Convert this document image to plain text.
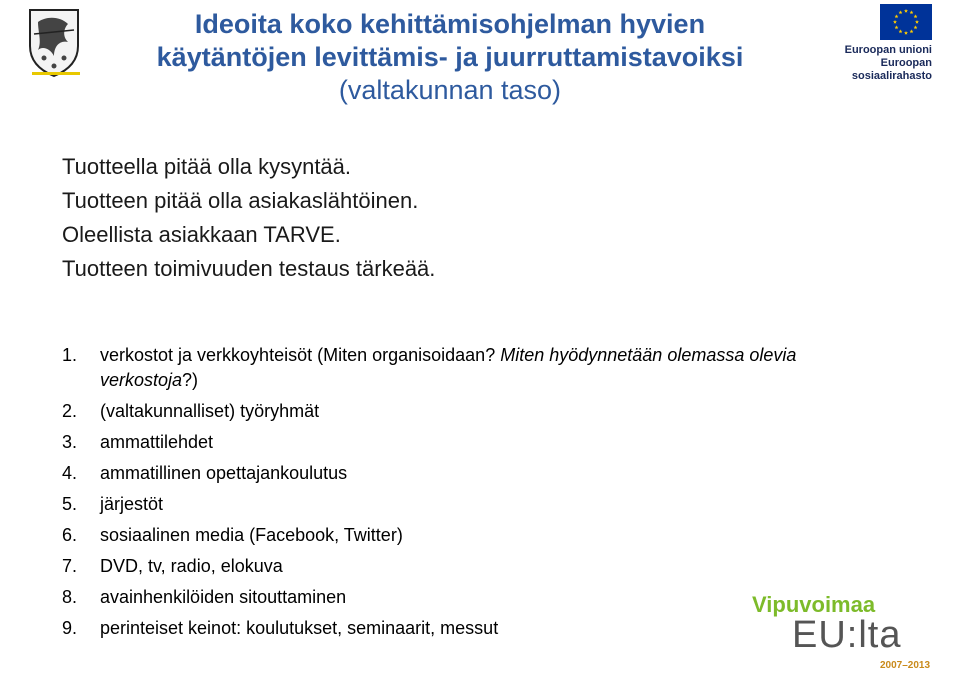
Ideoita koko kehittämisohjelman hyvien
käytäntöjen levittämis- ja juurruttamistavoiksi
(valtakunnan taso)
Euroopan unioni
Euroopan sosiaalirahasto
Tuotteella pitää olla kysyntää.
Tuotteen pitää olla asiakaslähtöinen.
Oleellista asiakkaan TARVE.
Tuotteen toimivuuden testaus tärkeää.
1.	verkostot ja verkkoyhteisöt (Miten organisoidaan? Miten hyödynnetään olemassa olevia verkostoja?)
2.	(valtakunnalliset) työryhmät
3.	ammattilehdet
4.	ammatillinen opettajankoulutus
5.	järjestöt
6.	sosiaalinen media (Facebook, Twitter)
7.	DVD, tv, radio, elokuva
8.	avainhenkilöiden sitouttaminen
9.	perinteiset keinot: koulutukset, seminaarit, messut
Vipuvoimaa
EU:lta
2007–2013
